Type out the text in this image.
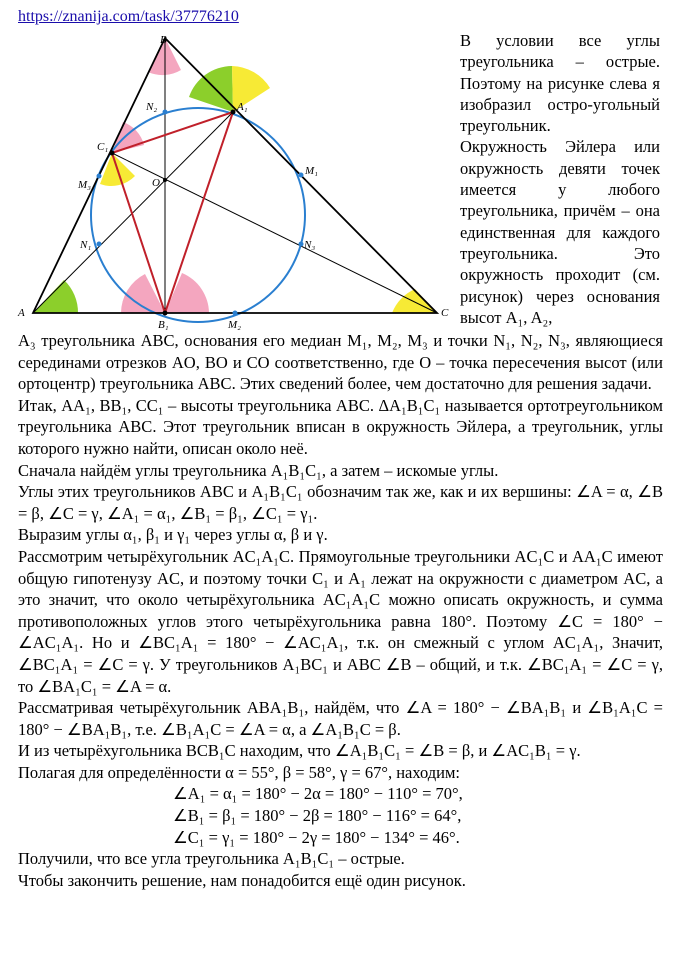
https://znanija.com/task/37776210
B
A	C
A₁
C₁
B₁
M₁
M₂
M₃
N₁
N₂
N₃
O

В условии все углы треугольника – острые. Поэтому на рисунке слева я изобразил остро-угольный треугольник.

Окружность Эйлера или окружность девяти точек имеется у любого треугольника, причём – она единственная для каждого треугольника. Это окружность проходит (см. рисунок) через основания высот A₁, A₂,

A₃ треугольника ABC, основания его медиан M₁, M₂, M₃ и точки N₁, N₂, N₃, являющиеся серединами отрезков AO, BO и CO соответственно, где O – точка пересечения высот (или ортоцентр) треугольника ABC. Этих сведений более, чем достаточно для решения задачи.

Итак, AA₁, BB₁, CC₁ – высоты треугольника ABC. ΔA₁B₁C₁ называется ортотреугольником треугольника ABC. Этот треугольник вписан в окружность Эйлера, а треугольник, углы которого нужно найти, описан около неё.

Сначала найдём углы треугольника A₁B₁C₁, а затем – искомые углы.

Углы этих треугольников ABC и A₁B₁C₁ обозначим так же, как и их вершины: ∠A = α, ∠B = β, ∠C = γ, ∠A₁ = α₁, ∠B₁ = β₁, ∠C₁ = γ₁.

Выразим углы α₁, β₁ и γ₁ через углы α, β и γ.

Рассмотрим четырёхугольник AC₁A₁C. Прямоугольные треугольники AC₁C и AA₁C имеют общую гипотенузу AC, и поэтому точки C₁ и A₁ лежат на окружности с диаметром AC, а это значит, что около четырёхугольника AC₁A₁C можно описать окружность, и сумма противоположных углов этого четырёхугольника равна 180°. Поэтому ∠C = 180° − ∠AC₁A₁. Но и ∠BC₁A₁ = 180° − ∠AC₁A₁, т.к. он смежный с углом AC₁A₁, Значит, ∠BC₁A₁ = ∠C = γ. У треугольников A₁BC₁ и ABC ∠B – общий, и т.к. ∠BC₁A₁ = ∠C = γ, то ∠BA₁C₁ = ∠A = α.

Рассматривая четырёхугольник ABA₁B₁, найдём, что ∠A = 180° − ∠BA₁B₁ и ∠B₁A₁C = 180° − ∠BA₁B₁, т.е. ∠B₁A₁C = ∠A = α, а ∠A₁B₁C = β.

И из четырёхугольника BCB₁C находим, что ∠A₁B₁C₁ = ∠B = β, и ∠AC₁B₁ = γ.

Полагая для определённости α = 55°, β = 58°, γ = 67°, находим:

∠A₁ = α₁ = 180° − 2α = 180° − 110° = 70°,

∠B₁ = β₁ = 180° − 2β = 180° − 116° = 64°,

∠C₁ = γ₁ = 180° − 2γ = 180° − 134° = 46°.

Получили, что все угла треугольника A₁B₁C₁ – острые.

Чтобы закончить решение, нам понадобится ещё один рисунок.
